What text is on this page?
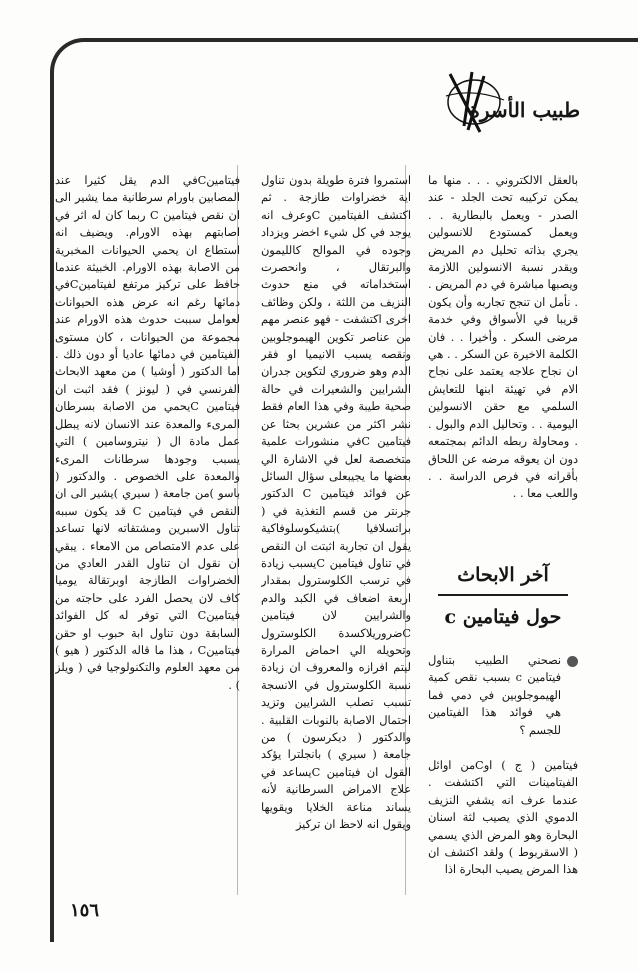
طبيب الأسرة

بالعقل الالكتروني . . . منها ما يمكن تركيبه تحت الجلد - عند الصدر - ويعمل بالبطارية . . ويعمل كمستودع للانسولين يجري بذاته تحليل دم المريض ويقدر نسبة الانسولين اللازمة ويصبها مباشرة في دم المريض . . نأمل ان تنجح تجاربه وأن يكون قريبا في الأسواق وفي خدمة مرضى السكر . وأخيرا . . فان الكلمة الاخيرة عن السكر . . هي ان نجاح علاجه يعتمد على نجاح الام في تهيئة ابنها للتعايش السلمي مع حقن الانسولين اليومية . . وتحاليل الدم والبول . . ومحاولة ربطه الدائم بمجتمعه دون ان يعوقه مرضه عن اللحاق بأقرانه في فرص الدراسة . . واللعب معا . .

آخر الابحاث
حول فيتامين c

نصحني الطبيب بتناول فيتامين c بسبب نقص كمية الهيموجلوبين في دمي فما هي فوائد هذا الفيتامين للجسم ؟

فيتامين ( ج ) اوCمن اوائل الفيتامينات التي اكتشفت . عندما عرف انه يشفي النزيف الدموي الذي يصيب لثة اسنان البحارة وهو المرض الذي يسمي ( الاسقربوط ) ولقد اكتشف ان هذا المرض يصيب البحارة اذا

استمروا فترة طويلة بدون تناول اية خضراوات طازجة . ثم اكتشف الفيتامين Cوعرف انه يوجد في كل شيء اخضر ويزداد وجوده في الموالح كالليمون والبرتقال ، وانحصرت استخداماته في منع حدوث النزيف من اللثة ، ولكن وظائف اخرى اكتشفت - فهو عنصر مهم من عناصر تكوين الهيموجلوبين ونقصه يسبب الانيميا او فقر الدم وهو ضروري لتكوين جدران الشرايين والشعيرات في حالة صحية طيبة وفي هذا العام فقط نشر اكثر من عشرين بحثا عن فيتامين Cفي منشورات علمية متخصصة لعل في الاشارة الي بعضها ما يجيبعلى سؤال السائل عن فوائد فيتامين C الدكتور جرنتر من قسم التغذية في ( براتسلافيا )بتشيكوسلوفاكية يقول ان تجاربة اثبتت ان النقص في تناول فيتامين Cيسبب زيادة في ترسب الكلوسترول بمقدار اربعة اضعاف في الكبد والدم والشرايين لان فيتامين Cضروريلاكسدة الكلوسترول وتحويله الي احماض المرارة ليتم افرازه والمعروف ان زيادة نسبة الكلوسترول في الانسجة تسبب تصلب الشرايين وتزيد احتمال الاصابة بالنوبات القلبية . والدكتور ( ديكرسون ) من جامعة ( سيري ) بانجلترا يؤكد القول ان فيتامين Cيساعد في علاج الامراض السرطانية لأنه يساند مناعة الخلايا ويقويها ويقول انه لاحظ ان تركيز

فيتامينCفي الدم يقل كثيرا عند المصابين باورام سرطانية مما يشير الى ان نقص فيتامين C ربما كان له اثر في اصابتهم بهذه الاورام. ويضيف انه استطاع ان يحمي الحيوانات المخبرية من الاصابة بهذه الاورام. الخبيثة عندما حافظ على تركيز مرتفع لفيتامينCفي دمائها رغم انه عرض هذه الحيوانات لعوامل سببت حدوث هذه الاورام عند مجموعة من الحيوانات ، كان مستوى الفيتامين في دمائها عاديا أو دون ذلك . اما الدكتور ( أوشيا ) من معهد الابحاث الفرنسي في ( ليونز ) فقد اثبت ان فيتامين Cيحمي من الاصابة بسرطان المرىء والمعدة عند الانسان لانه يبطل عمل مادة ال ( نيتروسامين ) التي يسبب وجودها سرطانات المرىء والمعدة على الخصوص . والدكتور ( باسو )من جامعة ( سيري )يشير الى ان النقص في فيتامين C قد يكون سببه تناول الاسبرين ومشتقاته لانها تساعد على عدم الامتصاص من الامعاء . يبقي ان نقول ان تناول القدر العادي من الخضراوات الطازجة اوبرتقالة يوميا كاف لان يحصل الفرد على حاجته من فيتامينC التي توفر له كل الفوائد السابقة دون تناول ابة حبوب او حقن فيتامينC ، هذا ما قاله الدكتور ( هيو ) من معهد العلوم والتكنولوجيا في ( ويلز ) .

١٥٦
